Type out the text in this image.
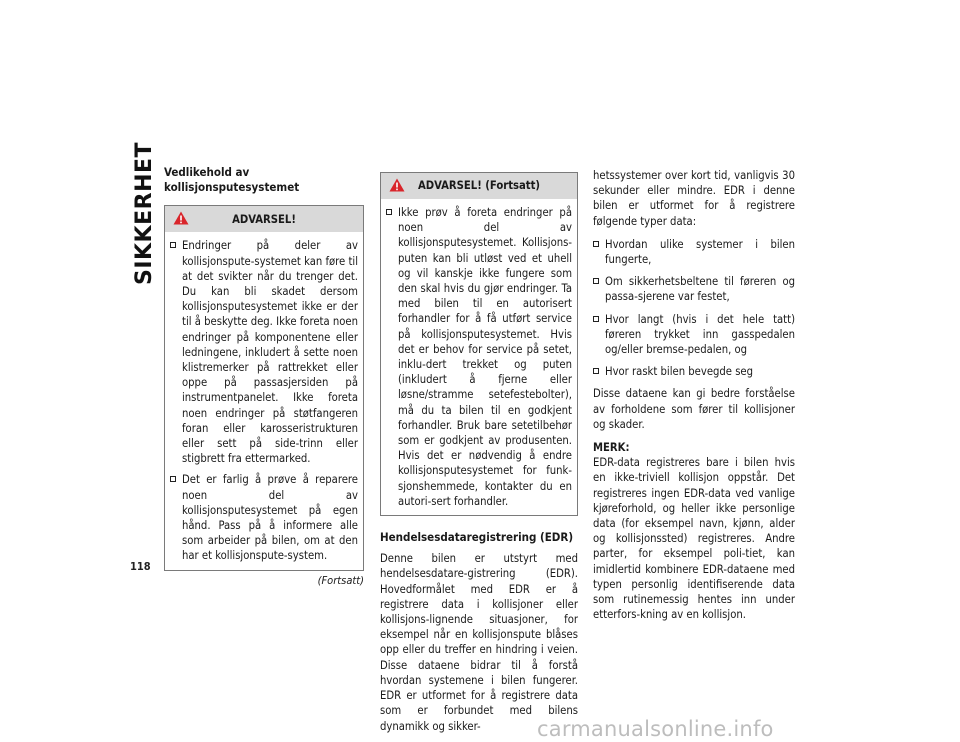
SIKKERHET
118
Vedlikehold av kollisjonsputesystemet
ADVARSEL!
Endringer på deler av kollisjonspute-systemet kan føre til at det svikter når du trenger det. Du kan bli skadet dersom kollisjonsputesystemet ikke er der til å beskytte deg. Ikke foreta noen endringer på komponentene eller ledningene, inkludert å sette noen klistremerker på rattrekket eller oppe på passasjersiden på instrumentpanelet. Ikke foreta noen endringer på støtfangeren foran eller karosseristrukturen eller sett på side-trinn eller stigbrett fra ettermarked.
Det er farlig å prøve å reparere noen del av kollisjonsputesystemet på egen hånd. Pass på å informere alle som arbeider på bilen, om at den har et kollisjonspute-system.
(Fortsatt)
ADVARSEL! (Fortsatt)
Ikke prøv å foreta endringer på noen del av kollisjonsputesystemet. Kollisjons-puten kan bli utløst ved et uhell og vil kanskje ikke fungere som den skal hvis du gjør endringer. Ta med bilen til en autorisert forhandler for å få utført service på kollisjonsputesystemet. Hvis det er behov for service på setet, inklu-dert trekket og puten (inkludert å fjerne eller løsne/stramme setefestebolter), må du ta bilen til en godkjent forhandler. Bruk bare setetilbehør som er godkjent av produsenten. Hvis det er nødvendig å endre kollisjonsputesystemet for funk-sjonshemmede, kontakter du en autori-sert forhandler.
Hendelsesdataregistrering (EDR)

Denne bilen er utstyrt med hendelsesdatare-gistrering (EDR). Hovedformålet med EDR er å registrere data i kollisjoner eller kollisjons-lignende situasjoner, for eksempel når en kollisjonspute blåses opp eller du treffer en hindring i veien. Disse dataene bidrar til å forstå hvordan systemene i bilen fungerer. EDR er utformet for å registrere data som er forbundet med bilens dynamikk og sikker-

hetssystemer over kort tid, vanligvis 30 sekunder eller mindre. EDR i denne bilen er utformet for å registrere følgende typer data:

Hvordan ulike systemer i bilen fungerte,
Om sikkerhetsbeltene til føreren og passa-sjerene var festet,
Hvor langt (hvis i det hele tatt) føreren trykket inn gasspedalen og/eller bremse-pedalen, og
Hvor raskt bilen bevegde seg

Disse dataene kan gi bedre forståelse av forholdene som fører til kollisjoner og skader.

MERK:

EDR-data registreres bare i bilen hvis en ikke-triviell kollisjon oppstår. Det registreres ingen EDR-data ved vanlige kjøreforhold, og heller ikke personlige data (for eksempel navn, kjønn, alder og kollisjonssted) registreres. Andre parter, for eksempel poli-tiet, kan imidlertid kombinere EDR-dataene med typen personlig identifiserende data som rutinemessig hentes inn under etterfors-kning av en kollisjon.

carmanualsonline.info
